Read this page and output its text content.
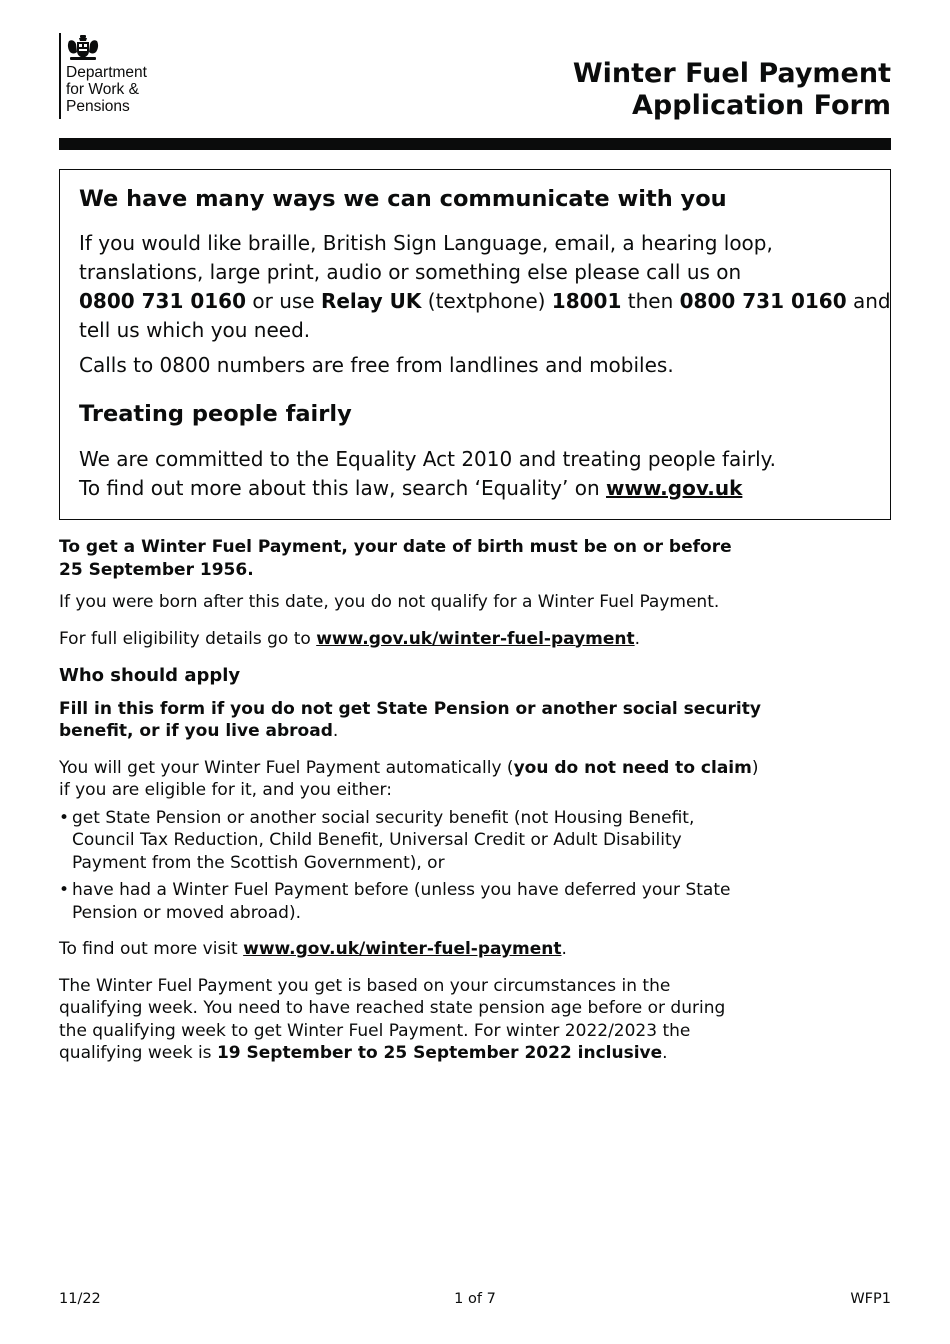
Department
for Work &
Pensions
Winter Fuel Payment
Application Form
We have many ways we can communicate with you

If you would like braille, British Sign Language, email, a hearing loop,
translations, large print, audio or something else please call us on
0800 731 0160 or use Relay UK (textphone) 18001 then 0800 731 0160 and
tell us which you need.

Calls to 0800 numbers are free from landlines and mobiles.

Treating people fairly

We are committed to the Equality Act 2010 and treating people fairly.
To find out more about this law, search ‘Equality’ on www.gov.uk

To get a Winter Fuel Payment, your date of birth must be on or before
25 September 1956.

If you were born after this date, you do not qualify for a Winter Fuel Payment.

For full eligibility details go to www.gov.uk/winter-fuel-payment.

Who should apply

Fill in this form if you do not get State Pension or another social security
benefit, or if you live abroad.

You will get your Winter Fuel Payment automatically (you do not need to claim)
if you are eligible for it, and you either:

• get State Pension or another social security benefit (not Housing Benefit,
Council Tax Reduction, Child Benefit, Universal Credit or Adult Disability
Payment from the Scottish Government), or
• have had a Winter Fuel Payment before (unless you have deferred your State
Pension or moved abroad).

To find out more visit www.gov.uk/winter-fuel-payment.

The Winter Fuel Payment you get is based on your circumstances in the
qualifying week. You need to have reached state pension age before or during
the qualifying week to get Winter Fuel Payment. For winter 2022/2023 the
qualifying week is 19 September to 25 September 2022 inclusive.

11/22	1 of 7	WFP1
